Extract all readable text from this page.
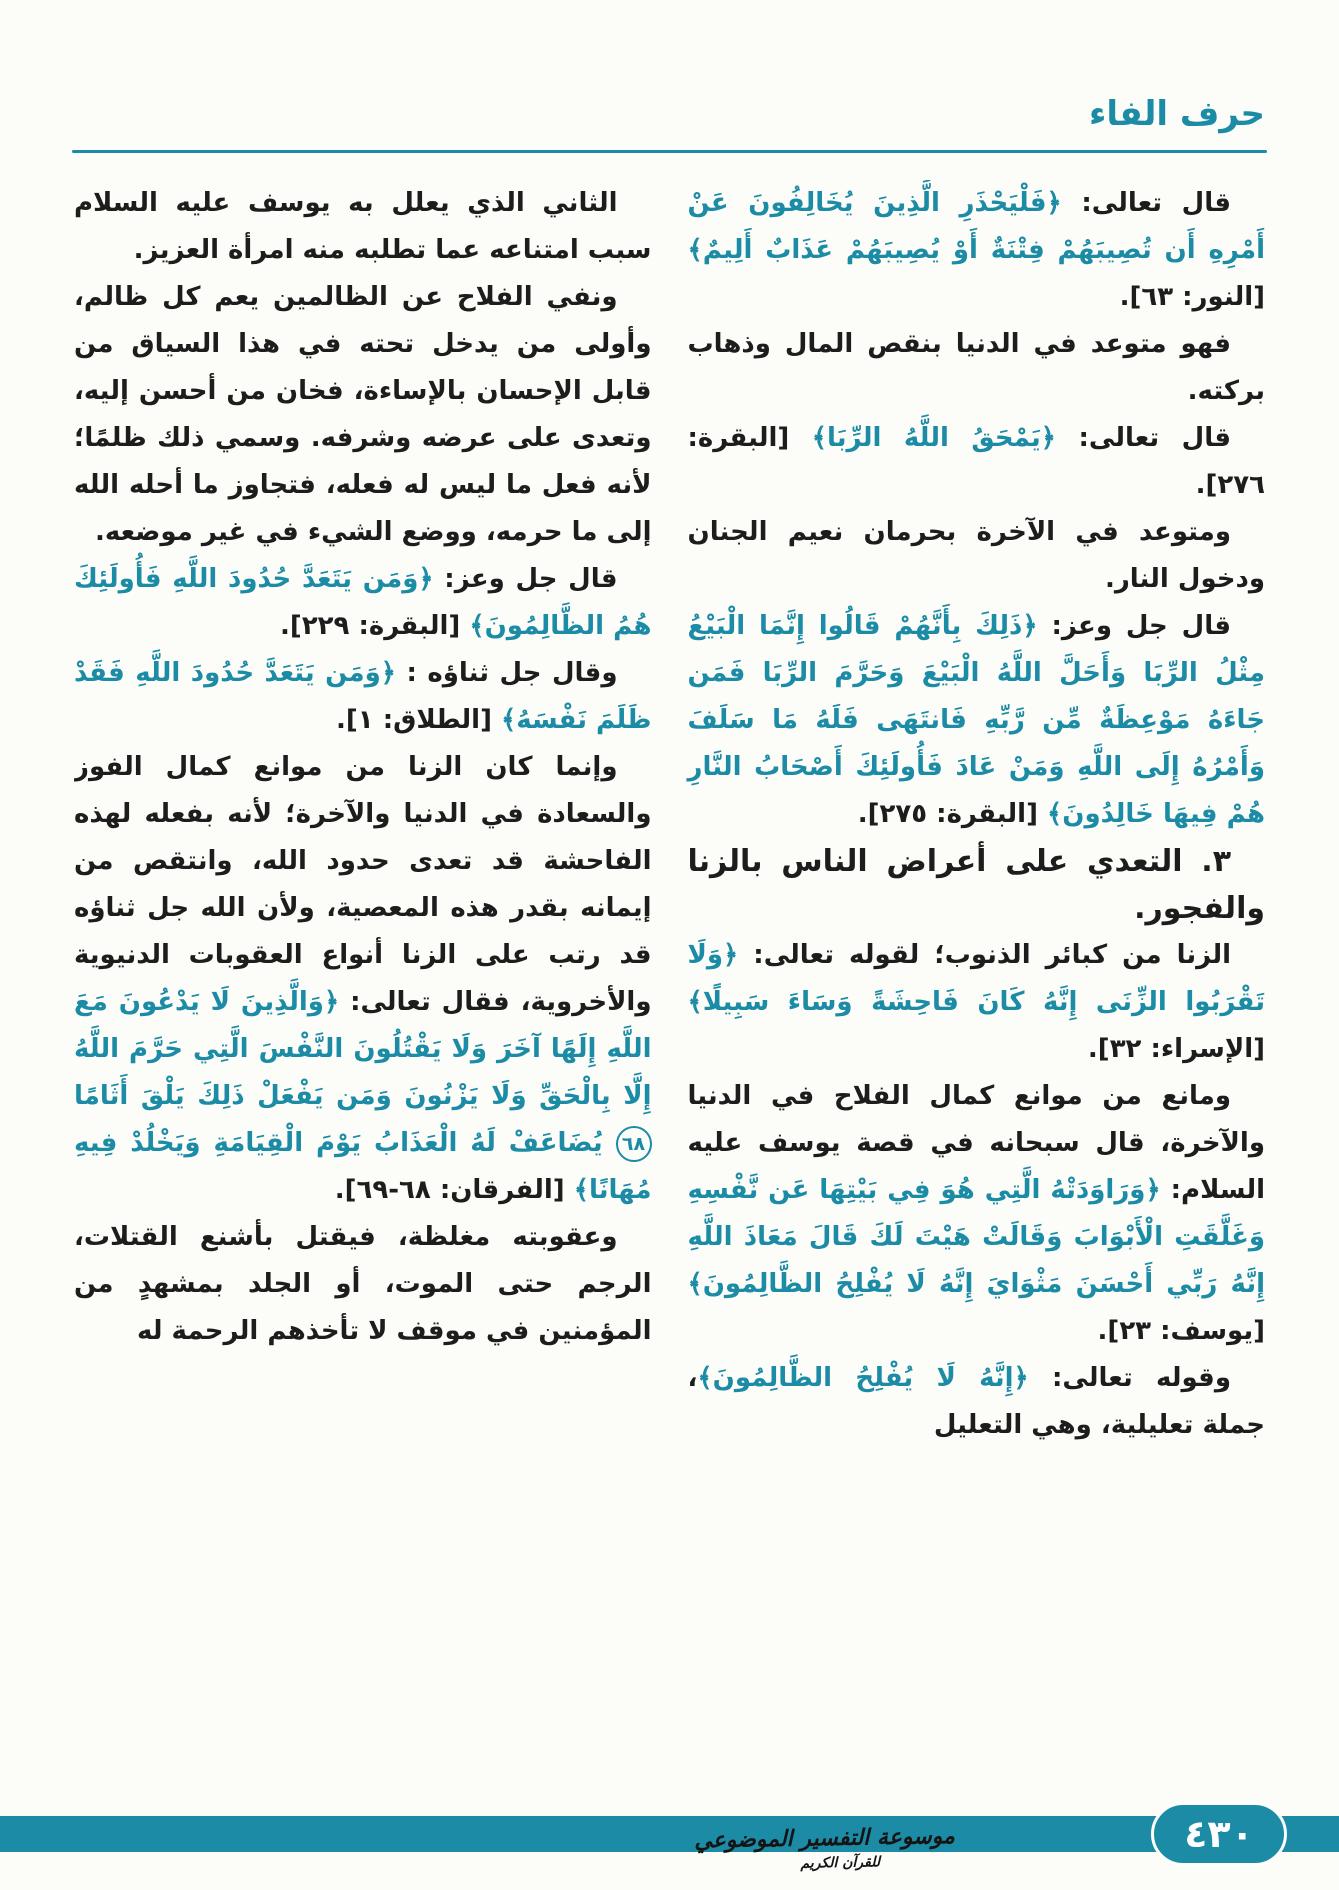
حرف الفاء

قال تعالى: ﴿فَلْيَحْذَرِ الَّذِينَ يُخَالِفُونَ عَنْ أَمْرِهِ أَن تُصِيبَهُمْ فِتْنَةٌ أَوْ يُصِيبَهُمْ عَذَابٌ أَلِيمٌ﴾ [النور: ٦٣].

فهو متوعد في الدنيا بنقص المال وذهاب بركته.

قال تعالى: ﴿يَمْحَقُ اللَّهُ الرِّبَا﴾ [البقرة: ٢٧٦].

ومتوعد في الآخرة بحرمان نعيم الجنان ودخول النار.

قال جل وعز: ﴿ذَلِكَ بِأَنَّهُمْ قَالُوا إِنَّمَا الْبَيْعُ مِثْلُ الرِّبَا وَأَحَلَّ اللَّهُ الْبَيْعَ وَحَرَّمَ الرِّبَا فَمَن جَاءَهُ مَوْعِظَةٌ مِّن رَّبِّهِ فَانتَهَى فَلَهُ مَا سَلَفَ وَأَمْرُهُ إِلَى اللَّهِ وَمَنْ عَادَ فَأُولَئِكَ أَصْحَابُ النَّارِ هُمْ فِيهَا خَالِدُونَ﴾ [البقرة: ٢٧٥].

٣. التعدي على أعراض الناس بالزنا والفجور.

الزنا من كبائر الذنوب؛ لقوله تعالى: ﴿وَلَا تَقْرَبُوا الزِّنَى إِنَّهُ كَانَ فَاحِشَةً وَسَاءَ سَبِيلًا﴾ [الإسراء: ٣٢].

ومانع من موانع كمال الفلاح في الدنيا والآخرة، قال سبحانه في قصة يوسف عليه السلام: ﴿وَرَاوَدَتْهُ الَّتِي هُوَ فِي بَيْتِهَا عَن نَّفْسِهِ وَغَلَّقَتِ الْأَبْوَابَ وَقَالَتْ هَيْتَ لَكَ قَالَ مَعَاذَ اللَّهِ إِنَّهُ رَبِّي أَحْسَنَ مَثْوَايَ إِنَّهُ لَا يُفْلِحُ الظَّالِمُونَ﴾ [يوسف: ٢٣].

وقوله تعالى: ﴿إِنَّهُ لَا يُفْلِحُ الظَّالِمُونَ﴾، جملة تعليلية، وهي التعليل

الثاني الذي يعلل به يوسف عليه السلام سبب امتناعه عما تطلبه منه امرأة العزيز.

ونفي الفلاح عن الظالمين يعم كل ظالم، وأولى من يدخل تحته في هذا السياق من قابل الإحسان بالإساءة، فخان من أحسن إليه، وتعدى على عرضه وشرفه. وسمي ذلك ظلمًا؛ لأنه فعل ما ليس له فعله، فتجاوز ما أحله الله إلى ما حرمه، ووضع الشيء في غير موضعه.

قال جل وعز: ﴿وَمَن يَتَعَدَّ حُدُودَ اللَّهِ فَأُولَئِكَ هُمُ الظَّالِمُونَ﴾ [البقرة: ٢٢٩].

وقال جل ثناؤه : ﴿وَمَن يَتَعَدَّ حُدُودَ اللَّهِ فَقَدْ ظَلَمَ نَفْسَهُ﴾ [الطلاق: ١].

وإنما كان الزنا من موانع كمال الفوز والسعادة في الدنيا والآخرة؛ لأنه بفعله لهذه الفاحشة قد تعدى حدود الله، وانتقص من إيمانه بقدر هذه المعصية، ولأن الله جل ثناؤه قد رتب على الزنا أنواع العقوبات الدنيوية والأخروية، فقال تعالى: ﴿وَالَّذِينَ لَا يَدْعُونَ مَعَ اللَّهِ إِلَهًا آخَرَ وَلَا يَقْتُلُونَ النَّفْسَ الَّتِي حَرَّمَ اللَّهُ إِلَّا بِالْحَقِّ وَلَا يَزْنُونَ وَمَن يَفْعَلْ ذَلِكَ يَلْقَ أَثَامًا ٦٨ يُضَاعَفْ لَهُ الْعَذَابُ يَوْمَ الْقِيَامَةِ وَيَخْلُدْ فِيهِ مُهَانًا﴾ [الفرقان: ٦٨-٦٩].

وعقوبته مغلظة، فيقتل بأشنع القتلات، الرجم حتى الموت، أو الجلد بمشهدٍ من المؤمنين في موقف لا تأخذهم الرحمة له

موسوعة التفسير الموضوعي
للقرآن الكريم
٤٣٠
